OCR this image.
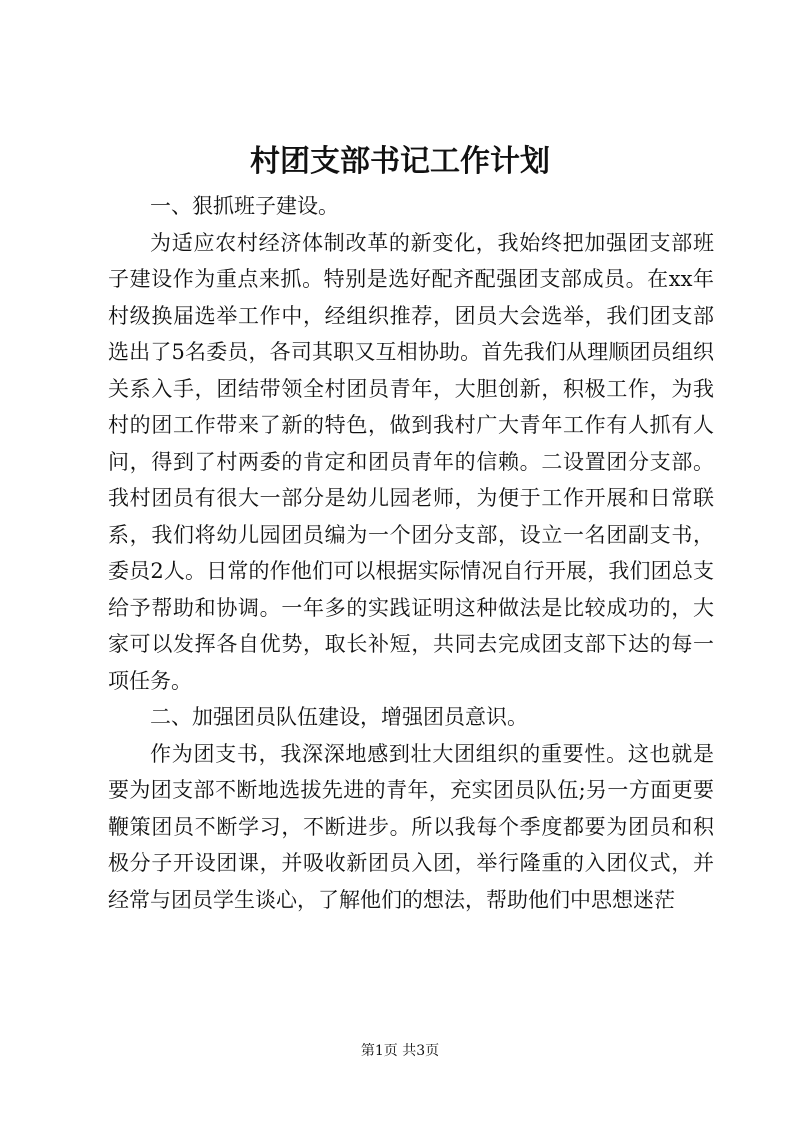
村团支部书记工作计划

一、狠抓班子建设。

为适应农村经济体制改革的新变化，我始终把加强团支部班子建设作为重点来抓。特别是选好配齐配强团支部成员。在xx年村级换届选举工作中，经组织推荐，团员大会选举，我们团支部选出了5名委员，各司其职又互相协助。首先我们从理顺团员组织关系入手，团结带领全村团员青年，大胆创新，积极工作，为我村的团工作带来了新的特色，做到我村广大青年工作有人抓有人问，得到了村两委的肯定和团员青年的信赖。二设置团分支部。我村团员有很大一部分是幼儿园老师，为便于工作开展和日常联系，我们将幼儿园团员编为一个团分支部，设立一名团副支书，委员2人。日常的作他们可以根据实际情况自行开展，我们团总支给予帮助和协调。一年多的实践证明这种做法是比较成功的，大家可以发挥各自优势，取长补短，共同去完成团支部下达的每一项任务。

二、加强团员队伍建设，增强团员意识。

作为团支书，我深深地感到壮大团组织的重要性。这也就是要为团支部不断地选拔先进的青年，充实团员队伍;另一方面更要鞭策团员不断学习，不断进步。所以我每个季度都要为团员和积极分子开设团课，并吸收新团员入团，举行隆重的入团仪式，并经常与团员学生谈心，了解他们的想法，帮助他们中思想迷茫

第1页 共3页
